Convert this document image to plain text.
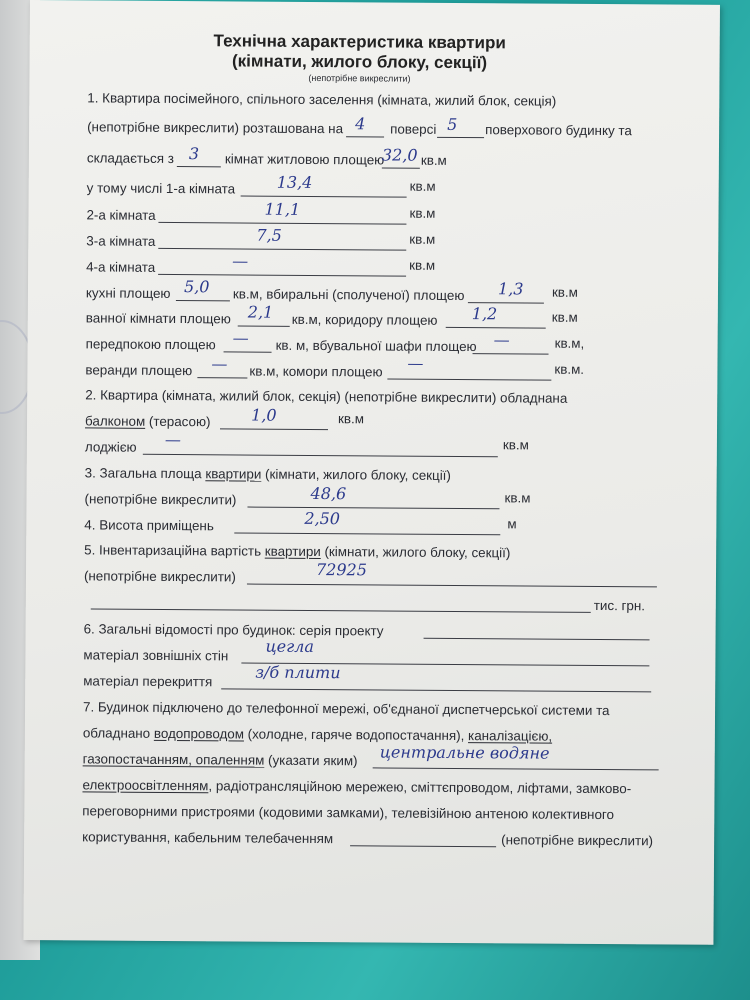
Технічна характеристика квартири
(кімнати, жилого блоку, секції)
(непотрібне викреслити)
1. Квартира посімейного, спільного заселення (кімната, жилий блок, секція)
(непотрібне викреслити) розташована на 4 поверсі 5 поверхового будинку та
складається з 3 кімнат житловою площею
32,0 кв.м
у тому числі 1-а кімната	13,4	кв.м
2-а кімната	11,1	кв.м
3-а кімната	7,5	кв.м
4-а кімната	—	кв.м
кухні площею 5,0 кв.м, вбиральні (сполученої) площею 1,3 кв.м
ванної кімнати площею 2,1 кв.м, коридору площею 1,2	кв.м
передпокою площею — кв. м, вбувальної шафи площею —	кв.м,
веранди площею — кв.м, комори площею —	кв.м.
2. Квартира (кімната, жилий блок, секція) (непотрібне викреслити) обладнана
балконом (терасою)	1,0	кв.м
лоджією —	кв.м
3. Загальна площа квартири (кімнати, жилого блоку, секції)
(непотрібне викреслити)	48,6	кв.м
4. Висота приміщень	2,50	м
5. Інвентаризаційна вартість квартири (кімнати, жилого блоку, секції)
(непотрібне викреслити)	72925
тис. грн.
6. Загальні відомості про будинок: серія проекту
матеріал зовнішніх стін цегла
матеріал перекриття	з/б плити
7. Будинок підключено до телефонної мережі, об'єднаної диспетчерської системи та
обладнано водопроводом (холодне, гаряче водопостачання), каналізацією,
газопостачанням, опаленням (указати яким) центральне водяне
електроосвітленням, радіотрансляційною мережею, сміттєпроводом, ліфтами, замково-
переговорними пристроями (кодовими замками), телевізійною антеною колективного
користування, кабельним телебаченням	(непотрібне викреслити)
